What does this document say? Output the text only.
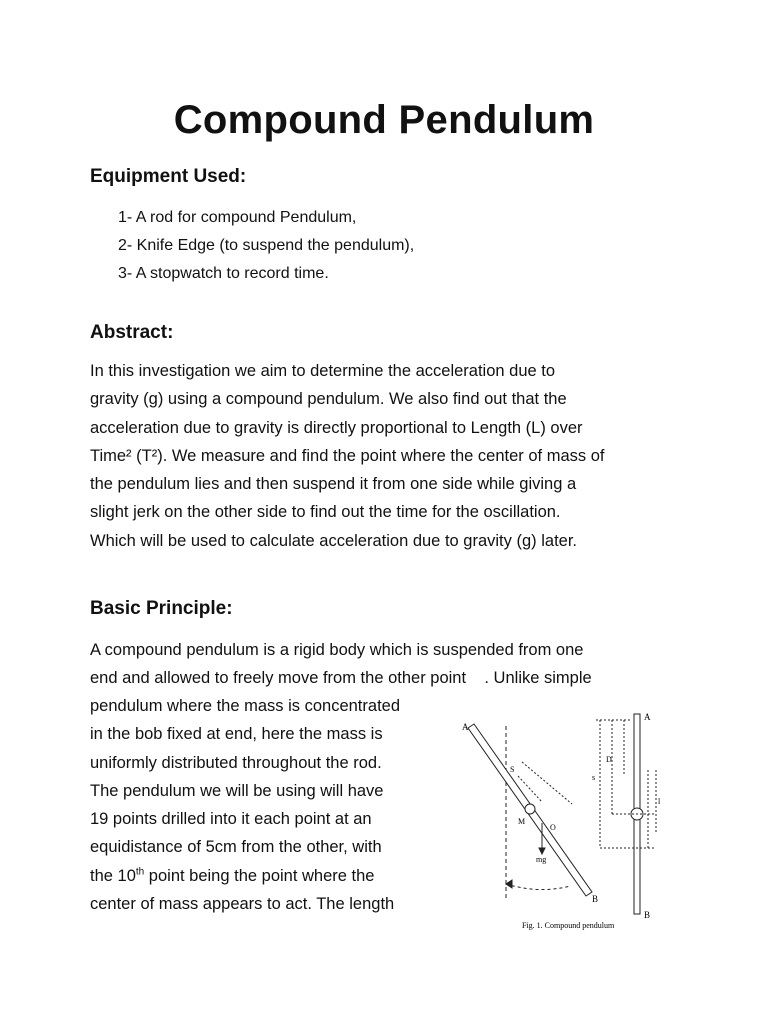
Compound Pendulum
Equipment Used:
1- A rod for compound Pendulum,
2- Knife Edge (to suspend the pendulum),
3- A stopwatch to record time.
Abstract:
In this investigation we aim to determine the acceleration due to
gravity (g) using a compound pendulum. We also find out that the
acceleration due to gravity is directly proportional to Length (L) over
Time² (T²). We measure and find the point where the center of mass of
the pendulum lies and then suspend it from one side while giving a
slight jerk on the other side to find out the time for the oscillation.
Which will be used to calculate acceleration due to gravity (g) later.
Basic Principle:
A compound pendulum is a rigid body which is suspended from one
end and allowed to freely move from the other point    . Unlike simple
pendulum where the mass is concentrated
in the bob fixed at end, here the mass is
uniformly distributed throughout the rod.
The pendulum we will be using will have
19 points drilled into it each point at an
equidistance of 5cm from the other, with
the 10th point being the point where the
center of mass appears to act. The length
A
S
M
O
mg
B
A
D
s
l
B
Fig. 1. Compound pendulum
